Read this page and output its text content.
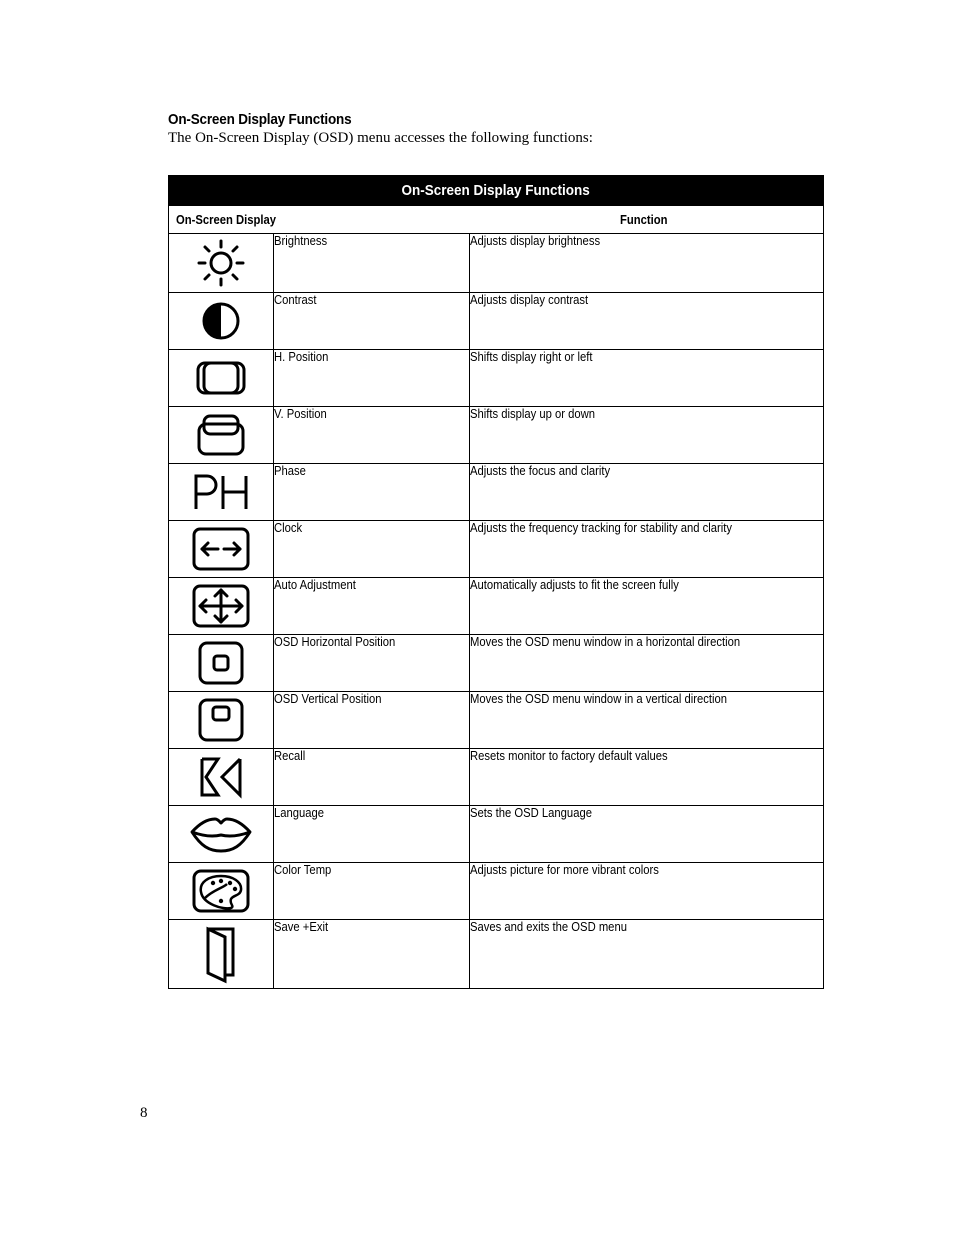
On-Screen Display Functions
The On-Screen Display (OSD) menu accesses the following functions:
On-Screen Display Functions		
On-Screen Display		Function

	Brightness	Adjusts display brightness

	Contrast	Adjusts display contrast

	H. Position	Shifts display right or left

	V. Position	Shifts display up or down

	Phase	Adjusts the focus and clarity

	Clock	Adjusts the frequency tracking for stability and clarity

	Auto Adjustment	Automatically adjusts to fit the screen fully

	OSD Horizontal Position	Moves the OSD menu window in a horizontal direction

	OSD Vertical Position	Moves the OSD menu window in a vertical direction

	Recall	Resets monitor to factory default values

	Language	Sets the OSD Language

	Color Temp	Adjusts picture for more vibrant colors

	Save +Exit	Saves and exits the OSD menu
8
